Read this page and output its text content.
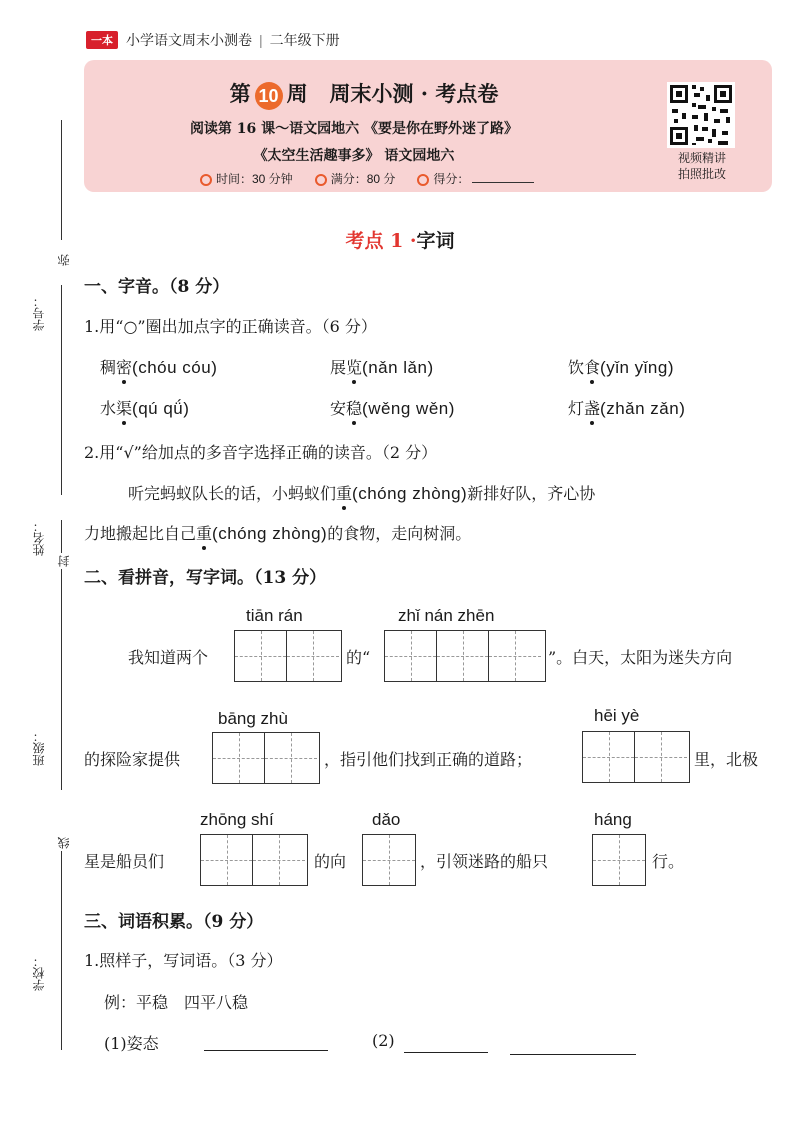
一本 小学语文周末小测卷 | 二年级下册
第 10 周 周末小测 · 考点卷
阅读第 16 课～语文园地六 《要是你在野外迷了路》
《太空生活趣事多》 语文园地六
时间：30 分钟	满分：80 分	得分：
视频精讲
拍照批改
学号：
姓名：
班级：
学校：
弥
封
线
考点 1 ·字词
一、字音。（8 分）
1.用“○”圈出加点字的正确读音。（6 分）
稠密(chóu cóu)	展览(nǎn lǎn)	饮食(yǐn yǐng)
水渠(qú qǘ)	安稳(wěng wěn)	灯盏(zhǎn zǎn)
2.用“√”给加点的多音字选择正确的读音。（2 分）
听完蚂蚁队长的话，小蚂蚁们重(chóng zhòng)新排好队，齐心协
力地搬起比自己重(chóng zhòng)的食物，走向树洞。
二、看拼音，写字词。（13 分）
tiān rán	zhǐ nán zhēn
我知道两个	的“	”。白天，太阳为迷失方向
bāng zhù	hēi yè
的探险家提供	，指引他们找到正确的道路；	里，北极
zhōng shí	dǎo	háng
星是船员们	的向	，引领迷路的船只	行。
三、词语积累。（9 分）
1.照样子，写词语。（3 分）
例：平稳　四平八稳
(1)姿态	(2)
